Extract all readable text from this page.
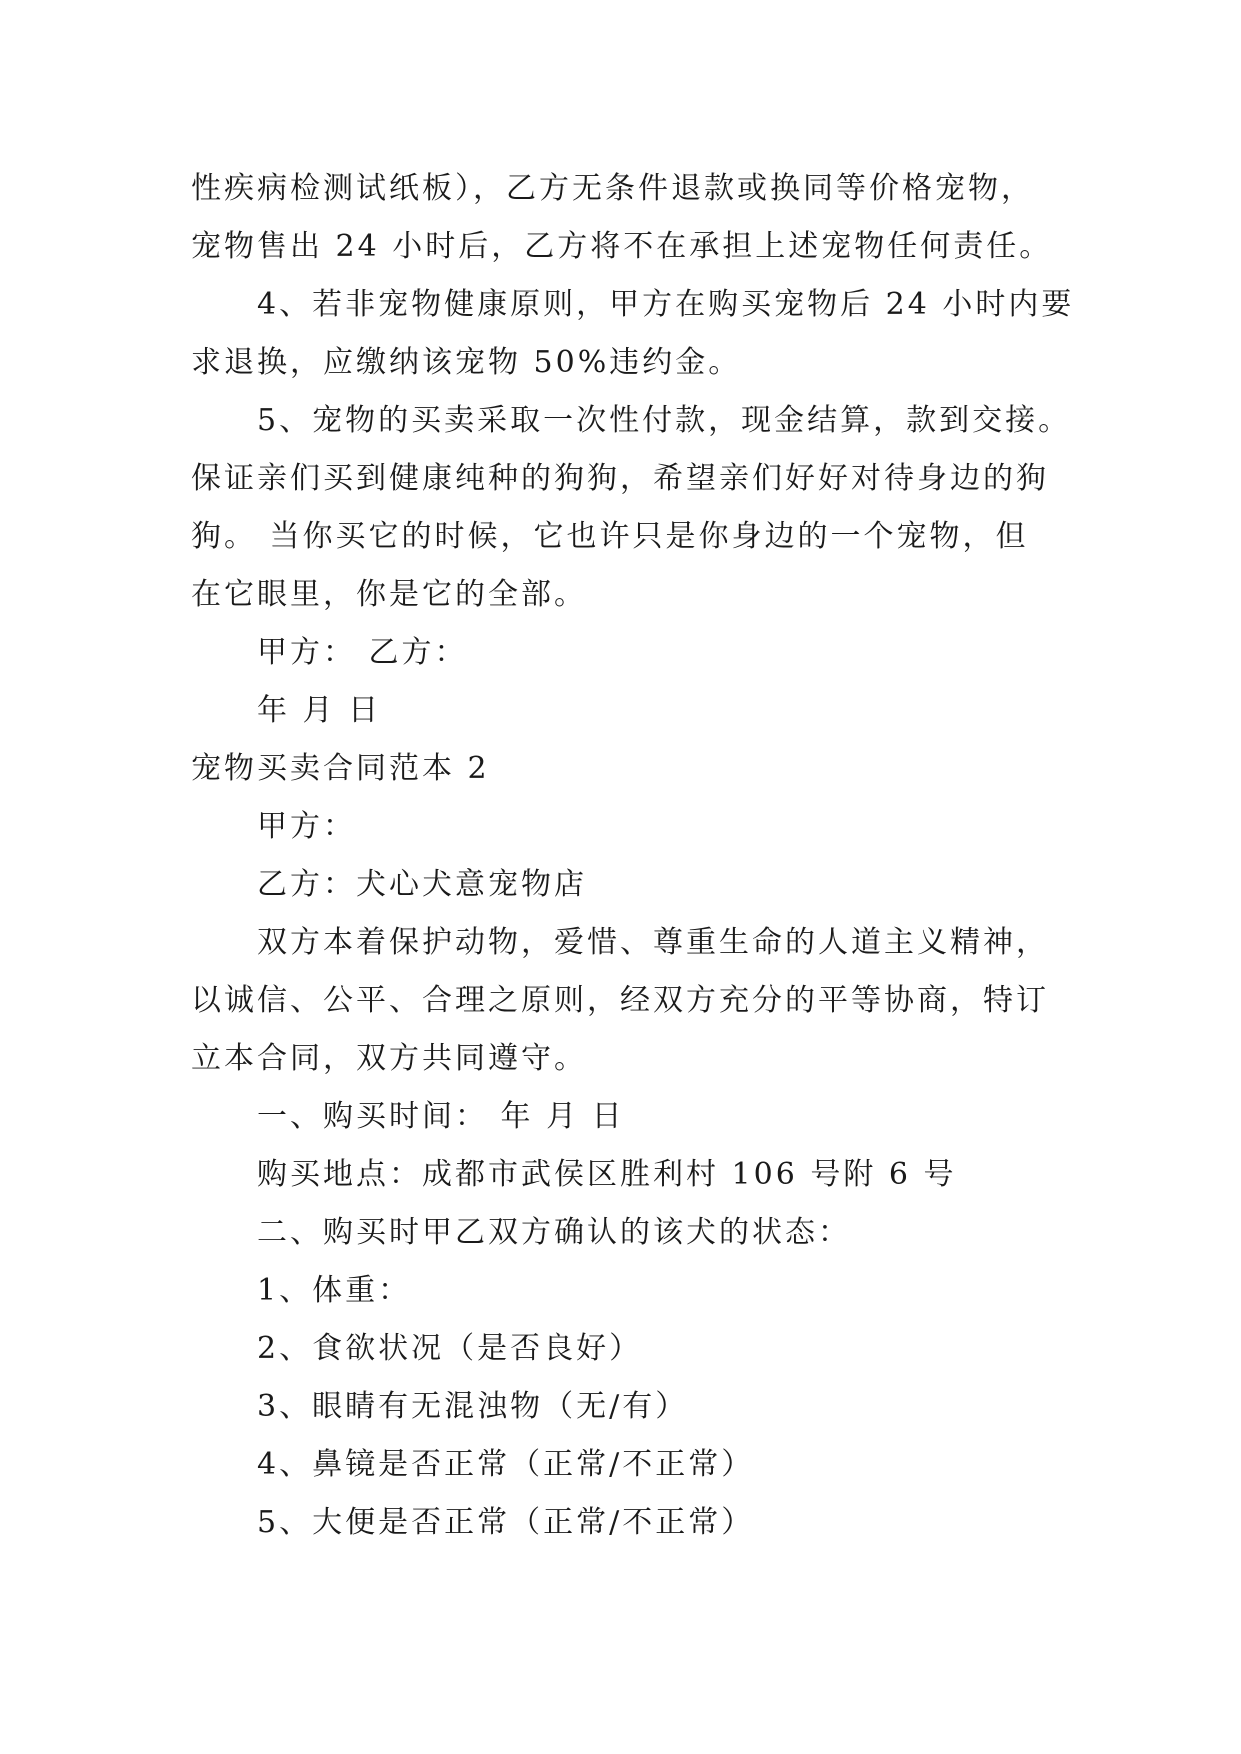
性疾病检测试纸板），乙方无条件退款或换同等价格宠物，
宠物售出 24 小时后，乙方将不在承担上述宠物任何责任。
4、若非宠物健康原则，甲方在购买宠物后 24 小时内要
求退换，应缴纳该宠物 50%违约金。
5、宠物的买卖采取一次性付款，现金结算，款到交接。
保证亲们买到健康纯种的狗狗，希望亲们好好对待身边的狗
狗。 当你买它的时候，它也许只是你身边的一个宠物，但
在它眼里，你是它的全部。
甲方： 乙方：
年 月 日
宠物买卖合同范本 2
甲方：
乙方：犬心犬意宠物店
双方本着保护动物，爱惜、尊重生命的人道主义精神，
以诚信、公平、合理之原则，经双方充分的平等协商，特订
立本合同，双方共同遵守。
一、购买时间： 年 月 日
购买地点：成都市武侯区胜利村 106 号附 6 号
二、购买时甲乙双方确认的该犬的状态：
1、体重：
2、食欲状况（是否良好）
3、眼睛有无混浊物（无/有）
4、鼻镜是否正常（正常/不正常）
5、大便是否正常（正常/不正常）
